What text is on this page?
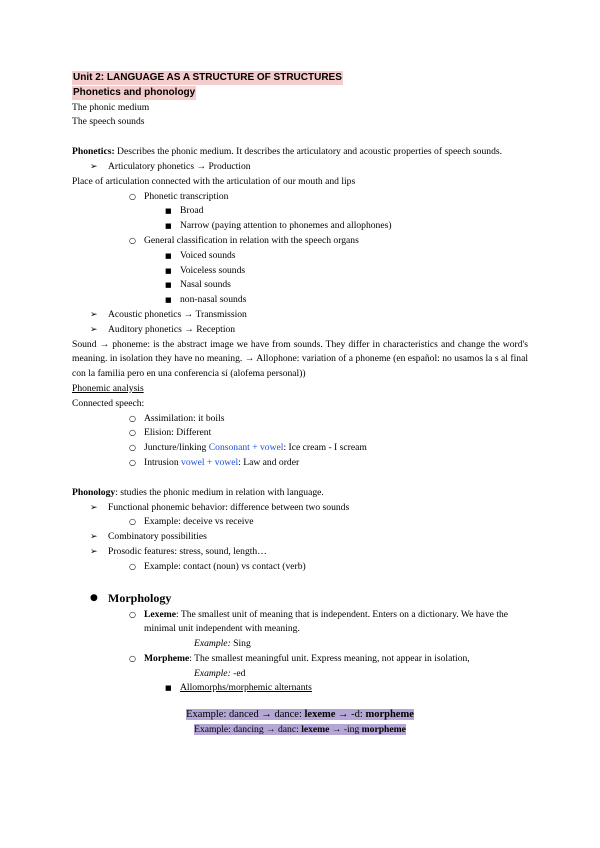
Unit 2: LANGUAGE AS A STRUCTURE OF STRUCTURES
Phonetics and phonology
The phonic medium
The speech sounds
Phonetics: Describes the phonic medium. It describes the articulatory and acoustic properties of speech sounds.
➢ Articulatory phonetics → Production
Place of articulation connected with the articulation of our mouth and lips
○ Phonetic transcription
■ Broad
■ Narrow (paying attention to phonemes and allophones)
○ General classification in relation with the speech organs
■ Voiced sounds
■ Voiceless sounds
■ Nasal sounds
■ non-nasal sounds
➢ Acoustic phonetics → Transmission
➢ Auditory phonetics → Reception
Sound → phoneme: is the abstract image we have from sounds. They differ in characteristics and change the word's meaning. in isolation they have no meaning. → Allophone: variation of a phoneme (en español: no usamos la s al final con la familia pero en una conferencia sí (alofema personal))
Phonemic analysis
Connected speech:
○ Assimilation: it boils
○ Elision: Different
○ Juncture/linking Consonant + vowel: Ice cream - I scream
○ Intrusion vowel + vowel: Law and order
Phonology: studies the phonic medium in relation with language.
➢ Functional phonemic behavior: difference between two sounds
○ Example: deceive vs receive
➢ Combinatory possibilities
➢ Prosodic features: stress, sound, length…
○ Example: contact (noun) vs contact (verb)
● Morphology
○ Lexeme: The smallest unit of meaning that is independent. Enters on a dictionary. We have the minimal unit independent with meaning.
Example: Sing
○ Morpheme: The smallest meaningful unit. Express meaning, not appear in isolation,
Example: -ed
■ Allomorphs/morphemic alternants
Example: danced → dance: lexeme → -d: morpheme
Example: dancing → danc: lexeme → -ing morpheme
